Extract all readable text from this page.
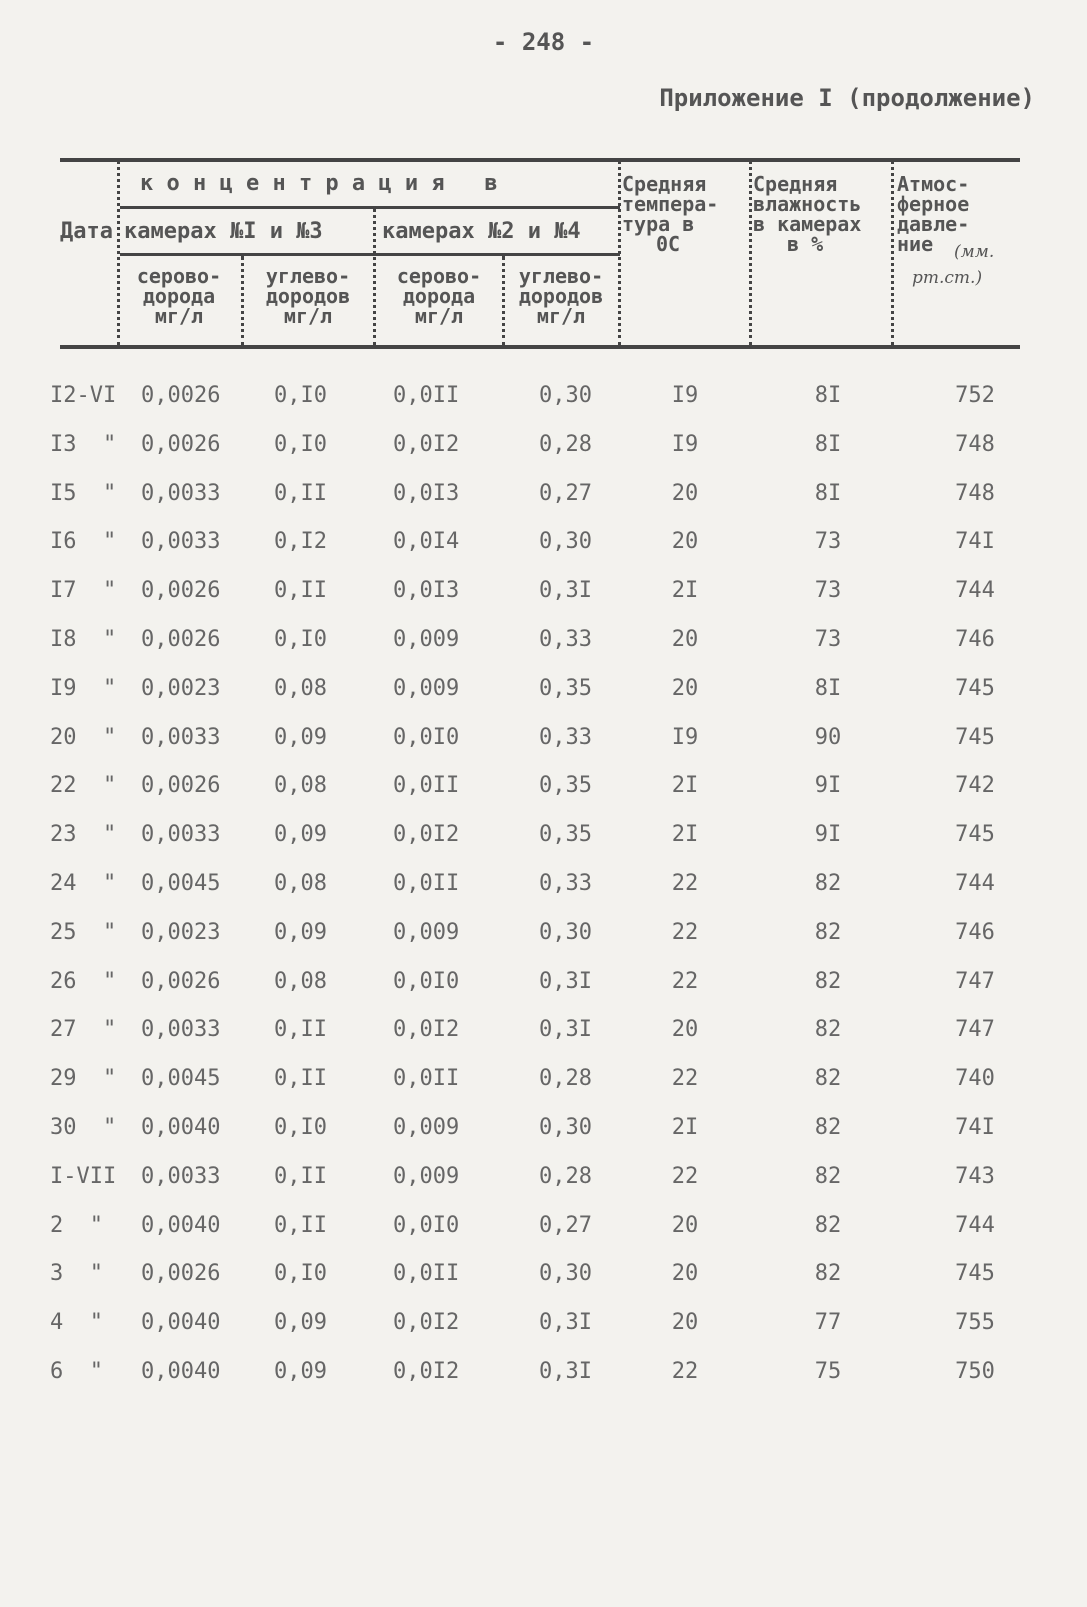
- 248 -
Приложение I (продолжение)
Дата
к о н ц е н т р а ц и я   в
камерах №I и №3	камерах №2 и №4
серово-
дорода
мг/л
углево-
дородов
мг/л
серово-
дорода
мг/л
углево-
дородов
мг/л
Средняя
темпера-
тура в
0С
Средняя
влажность
в камерах
в %
Атмос-
ферное
давле-
ние	(мм.
рт.ст.)
I2-VI 0,0026 0,I0	0,0II	0,30	I9	8I	752
I3  " 0,0026 0,I0	0,0I2	0,28	I9	8I	748
I5  " 0,0033 0,II	0,0I3	0,27	20	8I	748
I6  " 0,0033 0,I2	0,0I4	0,30	20	73	74I
I7  " 0,0026 0,II	0,0I3	0,3I	2I	73	744
I8  " 0,0026 0,I0	0,009	0,33	20	73	746
I9  " 0,0023 0,08	0,009	0,35	20	8I	745
20  " 0,0033 0,09	0,0I0	0,33	I9	90	745
22  " 0,0026 0,08	0,0II	0,35	2I	9I	742
23  " 0,0033 0,09	0,0I2	0,35	2I	9I	745
24  " 0,0045 0,08	0,0II	0,33	22	82	744
25  " 0,0023 0,09	0,009	0,30	22	82	746
26  " 0,0026 0,08	0,0I0	0,3I	22	82	747
27  " 0,0033 0,II	0,0I2	0,3I	20	82	747
29  " 0,0045 0,II	0,0II	0,28	22	82	740
30  " 0,0040 0,I0	0,009	0,30	2I	82	74I
I-VII 0,0033 0,II	0,009	0,28	22	82	743
2  " 0,0040 0,II	0,0I0	0,27	20	82	744
3  " 0,0026 0,I0	0,0II	0,30	20	82	745
4  " 0,0040 0,09	0,0I2	0,3I	20	77	755
6  " 0,0040 0,09	0,0I2	0,3I	22	75	750
